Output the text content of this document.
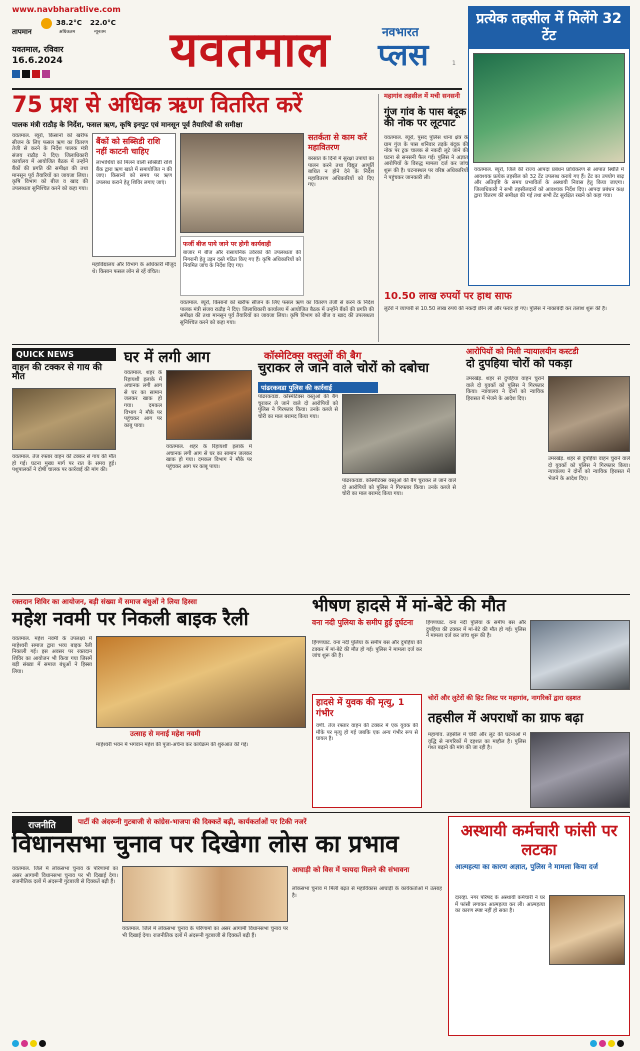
www.navbharatlive.com
तापमान
38.2°C 22.0°C
अधिकतम	न्यूनतम
यवतमाल, रविवार
16.6.2024 यवतमाल	नवभारत
प्लस	1
प्रत्येक तहसील में मिलेंगे 32 टेंट
यवतमाल. ब्यूरो, जिले की राज्य आपदा प्रबंधन प्राधिकरण से आपात स्थिति में आवश्यक प्रत्येक तहसील को 32 टेंट उपलब्ध कराये गए हैं। टेंट का उपयोग बाढ़ और अतिवृष्टि के समय प्रभावितों के अस्थायी निवास हेतु किया जाएगा। जिलाधिकारी ने सभी तहसीलदारों को आवश्यक निर्देश दिए। आपदा प्रबंधन कक्ष द्वारा वितरण की समीक्षा की गई तथा सभी टेंट सुरक्षित रखने को कहा गया।
75 प्रश से अधिक ऋण वितरित करें
पालक मंत्री राठौड़ के निर्देश, फसल ऋण, कृषि इनपुट एवं मानसून पूर्व तैयारियों की समीक्षा
यवतमाल. ब्यूरो, किसानों को खरीफ सीजन के लिए फसल ऋण का वितरण तेजी से करने के निर्देश पालक मंत्री संजय राठौड़ ने दिए। जिलाधिकारी कार्यालय में आयोजित बैठक में उन्होंने बैंकों की प्रगति की समीक्षा की तथा मानसून पूर्व तैयारियों का जायजा लिया। कृषि विभाग को बीज व खाद की उपलब्धता सुनिश्चित करने को कहा गया।
बैंकों को सब्सिडी राशि नहीं काटनी चाहिए
लाभार्थियों को मिलने वाली सब्सिडी राशि बैंक द्वारा ऋण खाते में समायोजित न की जाए। किसानों को समय पर ऋण उपलब्ध कराने हेतु शिविर लगाए जाएं।
फर्जी बीज पाये जाने पर होगी कार्यवाही
बाजार में बीज और रासायनिक उर्वरकों की उपलब्धता की निगरानी हेतु उड़न दस्ते गठित किए गए हैं। कृषि अधिकारियों को नियमित जांच के निर्देश दिए गए।
सतर्कता से काम करें महावितरण
बरसात के दिनों में सुरक्षा उपायों का पालन करने तथा विद्युत आपूर्ति बाधित न होने देने के निर्देश महावितरण अधिकारियों को दिए गए।
महाविद्यालय और विभाग के अधिकारी मौजूद थे। किसान फसल लोन से रहें वंचित।
यवतमाल. ब्यूरो, किसानों को खरीफ सीजन के लिए फसल ऋण का वितरण तेजी से करने के निर्देश पालक मंत्री संजय राठौड़ ने दिए। जिलाधिकारी कार्यालय में आयोजित बैठक में उन्होंने बैंकों की प्रगति की समीक्षा की तथा मानसून पूर्व तैयारियों का जायजा लिया। कृषि विभाग को बीज व खाद की उपलब्धता सुनिश्चित करने को कहा गया।
महागांव तहसील में मची सनसनी
गुंज गांव के पास बंदूक की नोक पर लूटपाट
यवतमाल. ब्यूरो, पुसद पुलिस थाना क्षेत्र के ग्राम गुंज के पास शनिवार तड़के बंदूक की नोक पर ट्रक चालक से नकदी लूटे जाने की घटना से सनसनी फैल गई। पुलिस ने अज्ञात आरोपियों के विरुद्ध मामला दर्ज कर जांच शुरू की है। घटनास्थल पर वरिष्ठ अधिकारियों ने पहुंचकर जानकारी ली।
10.50 लाख रुपयों पर हाथ साफ
लुटेरों ने व्यापारी से 10.50 लाख रुपये की नकदी छीन ली और फरार हो गए। पुलिस ने नाकाबंदी कर तलाश शुरू की है।
QUICK NEWS
वाहन की टक्कर से गाय की मौत
यवतमाल. तेज रफ्तार वाहन की टक्कर से गाय की मौत हो गई। घटना मुख्य मार्ग पर रात के समय हुई। पशुपालकों ने दोषी चालक पर कार्रवाई की मांग की।
घर में लगी आग
यवतमाल. शहर के रिहायशी इलाके में अचानक लगी आग से घर का सामान जलकर खाक हो गया। दमकल विभाग ने मौके पर पहुंचकर आग पर काबू पाया।
यवतमाल. शहर के रिहायशी इलाके में अचानक लगी आग से घर का सामान जलकर खाक हो गया। दमकल विभाग ने मौके पर पहुंचकर आग पर काबू पाया।
कॉस्मेटिक्स वस्तुओं की बैग
चुराकर ले जाने वाले चोरों को दबोचा
पांढरकवडा पुलिस की कार्रवाई
पांढरकवडा. कॉस्मेटिक्स वस्तुओं की बैग चुराकर ले जाने वाले दो आरोपियों को पुलिस ने गिरफ्तार किया। उनके कब्जे से चोरी का माल बरामद किया गया।
पांढरकवडा. कॉस्मेटिक्स वस्तुओं की बैग चुराकर ले जाने वाले दो आरोपियों को पुलिस ने गिरफ्तार किया। उनके कब्जे से चोरी का माल बरामद किया गया।
आरोपियों को मिली न्यायालयीन कस्टडी
दो दुपहिया चोरों को पकड़ा
उमरखेड़. शहर से दुपहिया वाहन चुराने वाले दो युवकों को पुलिस ने गिरफ्तार किया। न्यायालय ने दोनों को न्यायिक हिरासत में भेजने के आदेश दिए।
उमरखेड़. शहर से दुपहिया वाहन चुराने वाले दो युवकों को पुलिस ने गिरफ्तार किया। न्यायालय ने दोनों को न्यायिक हिरासत में भेजने के आदेश दिए।
रक्तदान शिविर का आयोजन, बड़ी संख्या में समाज बंधुओं ने लिया हिस्सा
महेश नवमी पर निकली बाइक रैली
यवतमाल. महेश नवमी के उपलक्ष्य में माहेश्वरी समाज द्वारा भव्य बाइक रैली निकाली गई। इस अवसर पर रक्तदान शिविर का आयोजन भी किया गया जिसमें बड़ी संख्या में समाज बंधुओं ने हिस्सा लिया।
उत्साह से मनाई महेश नवमी
माहेश्वरी भवन में भगवान महेश की पूजा-अर्चना कर कार्यक्रम की शुरुआत की गई।
भीषण हादसे में मां-बेटे की मौत
वना नदी पुलिया के समीप हुई दुर्घटना
हिंगणघाट. वना नदी पुलिया के समीप बस और दुपहिया की टक्कर में मां-बेटे की मौत हो गई। पुलिस ने मामला दर्ज कर जांच शुरू की है।
हिंगणघाट. वना नदी पुलिया के समीप बस और दुपहिया की टक्कर में मां-बेटे की मौत हो गई। पुलिस ने मामला दर्ज कर जांच शुरू की है।
हादसे में युवक की मृत्यु, 1 गंभीर
वणी. तेज रफ्तार वाहन की टक्कर में एक युवक की मौके पर मृत्यु हो गई जबकि एक अन्य गंभीर रूप से घायल है।
चोरों और लुटेरों की हिट लिस्ट पर महागांव, नागरिकों द्वारा दहशत
तहसील में अपराधों का ग्राफ बढ़ा
महागांव. तहसील में चोरी और लूट की घटनाओं में वृद्धि से नागरिकों में दहशत का माहौल है। पुलिस गश्त बढ़ाने की मांग की जा रही है।
राजनीति	पार्टी की अंदरूनी गुटबाजी से कांग्रेस-भाजपा की दिक्कतें बढ़ी, कार्यकर्ताओं पर टिकी नजरें
विधानसभा चुनाव पर दिखेगा लोस का प्रभाव
यवतमाल. जिले में लोकसभा चुनाव के परिणामों का असर आगामी विधानसभा चुनाव पर भी दिखाई देगा। राजनीतिक दलों में अंदरूनी गुटबाजी से दिक्कतें बढ़ी हैं।
यवतमाल. जिले में लोकसभा चुनाव के परिणामों का असर आगामी विधानसभा चुनाव पर भी दिखाई देगा। राजनीतिक दलों में अंदरूनी गुटबाजी से दिक्कतें बढ़ी हैं।
आघाड़ी को विस में फायदा मिलने की संभावना
लोकसभा चुनाव में मिली बढ़त से महाविकास आघाड़ी के कार्यकर्ताओं में उत्साह है।
अस्थायी कर्मचारी फांसी पर लटका
आत्महत्या का कारण अज्ञात, पुलिस ने मामला किया दर्ज
दारव्हा. नगर परिषद के अस्थायी कर्मचारी ने घर में फांसी लगाकर आत्महत्या कर ली। आत्महत्या का कारण स्पष्ट नहीं हो सका है।
